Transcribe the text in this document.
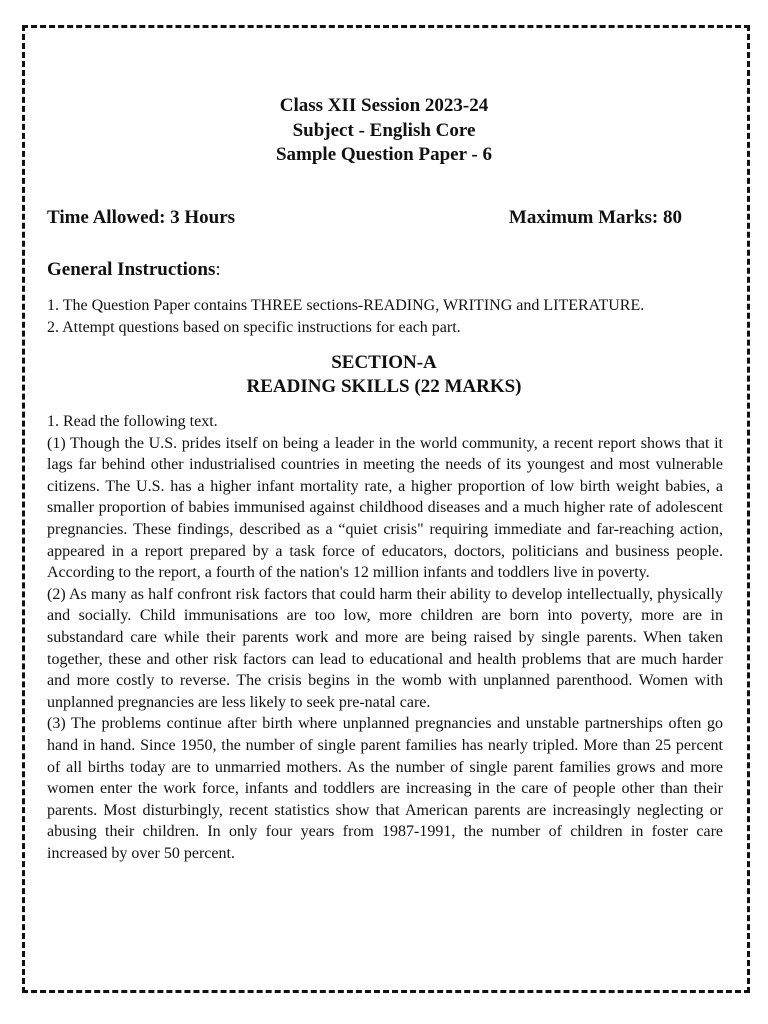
Class XII Session 2023-24
Subject - English Core
Sample Question Paper - 6
Time Allowed: 3 Hours	Maximum Marks: 80
General Instructions:
1. The Question Paper contains THREE sections-READING, WRITING and LITERATURE.
2. Attempt questions based on specific instructions for each part.
SECTION-A
READING SKILLS (22 MARKS)

1. Read the following text.

(1) Though the U.S. prides itself on being a leader in the world community, a recent report shows that it lags far behind other industrialised countries in meeting the needs of its youngest and most vulnerable citizens. The U.S. has a higher infant mortality rate, a higher proportion of low birth weight babies, a smaller proportion of babies immunised against childhood diseases and a much higher rate of adolescent pregnancies. These findings, described as a “quiet crisis" requiring immediate and far-reaching action, appeared in a report prepared by a task force of educators, doctors, politicians and business people. According to the report, a fourth of the nation's 12 million infants and toddlers live in poverty.

(2) As many as half confront risk factors that could harm their ability to develop intellectually, physically and socially. Child immunisations are too low, more children are born into poverty, more are in substandard care while their parents work and more are being raised by single parents. When taken together, these and other risk factors can lead to educational and health problems that are much harder and more costly to reverse. The crisis begins in the womb with unplanned parenthood. Women with unplanned pregnancies are less likely to seek pre-natal care.

(3) The problems continue after birth where unplanned pregnancies and unstable partnerships often go hand in hand. Since 1950, the number of single parent families has nearly tripled. More than 25 percent of all births today are to unmarried mothers. As the number of single parent families grows and more women enter the work force, infants and toddlers are increasing in the care of people other than their parents. Most disturbingly, recent statistics show that American parents are increasingly neglecting or abusing their children. In only four years from 1987-1991, the number of children in foster care increased by over 50 percent.
